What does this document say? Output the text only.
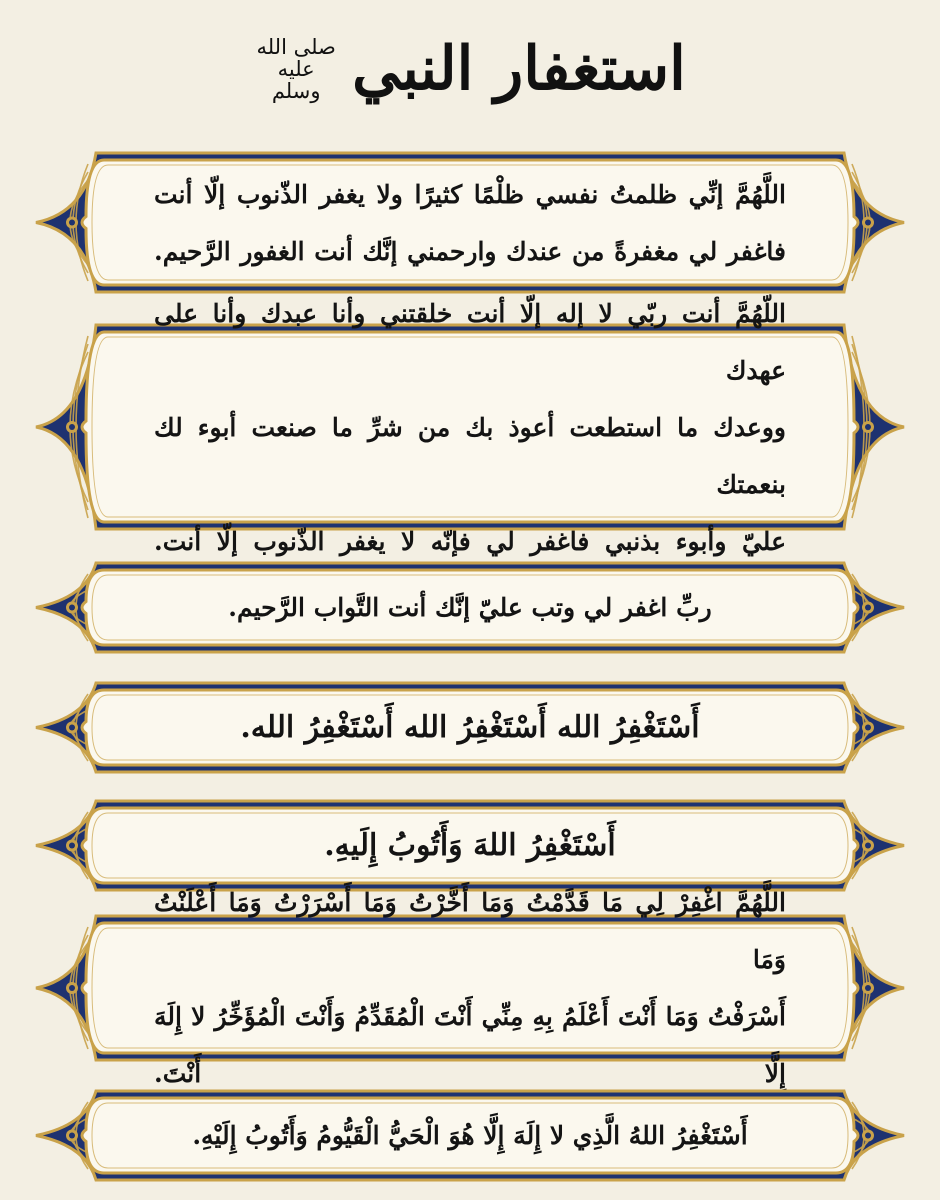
استغفار النبي
صلى الله عليه وسلم
اللَّهُمَّ إنِّي ظلمتُ نفسي ظلْمًا كثيرًا ولا يغفر الذّنوب إلّا أنت
فاغفر لي مغفرةً من عندك وارحمني إنَّك أنت الغفور الرَّحيم.
اللّهُمَّ أنت ربّي لا إله إلّا أنت خلقتني وأنا عبدك وأنا على عهدك
ووعدك ما استطعت أعوذ بك من شرِّ ما صنعت أبوء لك بنعمتك
عليّ وأبوء بذنبي فاغفر لي فإنّه لا يغفر الذّنوب إلّا أنت.
ربِّ اغفر لي وتب عليّ إنَّك أنت التَّواب الرَّحيم.
أَسْتَغْفِرُ الله أَسْتَغْفِرُ الله أَسْتَغْفِرُ الله.
أَسْتَغْفِرُ اللهَ وَأَتُوبُ إِلَيهِ.
اللَّهُمَّ اغْفِرْ لِي مَا قَدَّمْتُ وَمَا أَخَّرْتُ وَمَا أَسْرَرْتُ وَمَا أَعْلَنْتُ وَمَا
أَسْرَفْتُ وَمَا أَنْتَ أَعْلَمُ بِهِ مِنِّي أَنْتَ الْمُقَدِّمُ وَأَنْتَ الْمُؤَخِّرُ لا إِلَهَ إِلَّا أَنْتَ.
أَسْتَغْفِرُ اللهُ الَّذِي لا إِلَهَ إِلَّا هُوَ الْحَيُّ الْقَيُّومُ وَأَتُوبُ إِلَيْهِ.
